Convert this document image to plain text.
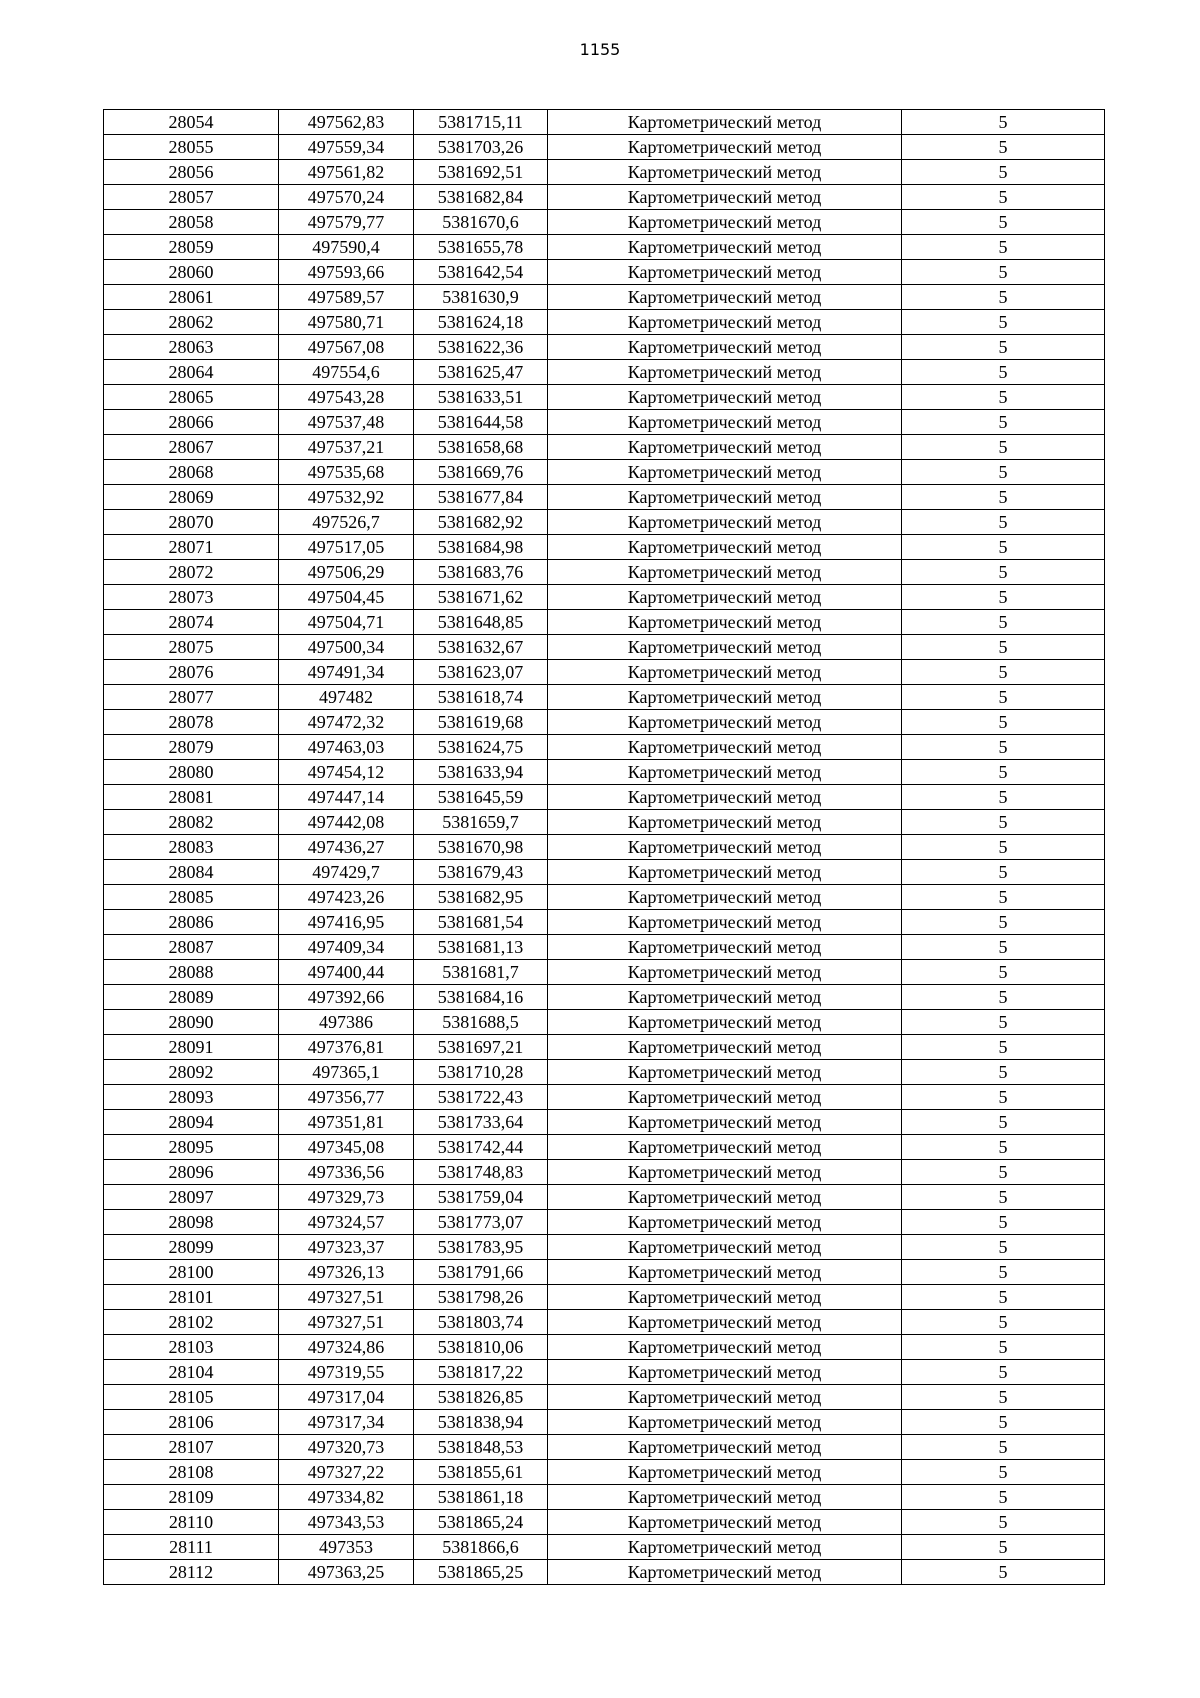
1155
28054	497562,83	5381715,11	Картометрический метод	5
28055	497559,34	5381703,26	Картометрический метод	5
28056	497561,82	5381692,51	Картометрический метод	5
28057	497570,24	5381682,84	Картометрический метод	5
28058	497579,77	5381670,6	Картометрический метод	5
28059	497590,4	5381655,78	Картометрический метод	5
28060	497593,66	5381642,54	Картометрический метод	5
28061	497589,57	5381630,9	Картометрический метод	5
28062	497580,71	5381624,18	Картометрический метод	5
28063	497567,08	5381622,36	Картометрический метод	5
28064	497554,6	5381625,47	Картометрический метод	5
28065	497543,28	5381633,51	Картометрический метод	5
28066	497537,48	5381644,58	Картометрический метод	5
28067	497537,21	5381658,68	Картометрический метод	5
28068	497535,68	5381669,76	Картометрический метод	5
28069	497532,92	5381677,84	Картометрический метод	5
28070	497526,7	5381682,92	Картометрический метод	5
28071	497517,05	5381684,98	Картометрический метод	5
28072	497506,29	5381683,76	Картометрический метод	5
28073	497504,45	5381671,62	Картометрический метод	5
28074	497504,71	5381648,85	Картометрический метод	5
28075	497500,34	5381632,67	Картометрический метод	5
28076	497491,34	5381623,07	Картометрический метод	5
28077	497482	5381618,74	Картометрический метод	5
28078	497472,32	5381619,68	Картометрический метод	5
28079	497463,03	5381624,75	Картометрический метод	5
28080	497454,12	5381633,94	Картометрический метод	5
28081	497447,14	5381645,59	Картометрический метод	5
28082	497442,08	5381659,7	Картометрический метод	5
28083	497436,27	5381670,98	Картометрический метод	5
28084	497429,7	5381679,43	Картометрический метод	5
28085	497423,26	5381682,95	Картометрический метод	5
28086	497416,95	5381681,54	Картометрический метод	5
28087	497409,34	5381681,13	Картометрический метод	5
28088	497400,44	5381681,7	Картометрический метод	5
28089	497392,66	5381684,16	Картометрический метод	5
28090	497386	5381688,5	Картометрический метод	5
28091	497376,81	5381697,21	Картометрический метод	5
28092	497365,1	5381710,28	Картометрический метод	5
28093	497356,77	5381722,43	Картометрический метод	5
28094	497351,81	5381733,64	Картометрический метод	5
28095	497345,08	5381742,44	Картометрический метод	5
28096	497336,56	5381748,83	Картометрический метод	5
28097	497329,73	5381759,04	Картометрический метод	5
28098	497324,57	5381773,07	Картометрический метод	5
28099	497323,37	5381783,95	Картометрический метод	5
28100	497326,13	5381791,66	Картометрический метод	5
28101	497327,51	5381798,26	Картометрический метод	5
28102	497327,51	5381803,74	Картометрический метод	5
28103	497324,86	5381810,06	Картометрический метод	5
28104	497319,55	5381817,22	Картометрический метод	5
28105	497317,04	5381826,85	Картометрический метод	5
28106	497317,34	5381838,94	Картометрический метод	5
28107	497320,73	5381848,53	Картометрический метод	5
28108	497327,22	5381855,61	Картометрический метод	5
28109	497334,82	5381861,18	Картометрический метод	5
28110	497343,53	5381865,24	Картометрический метод	5
28111	497353	5381866,6	Картометрический метод	5
28112	497363,25	5381865,25	Картометрический метод	5
